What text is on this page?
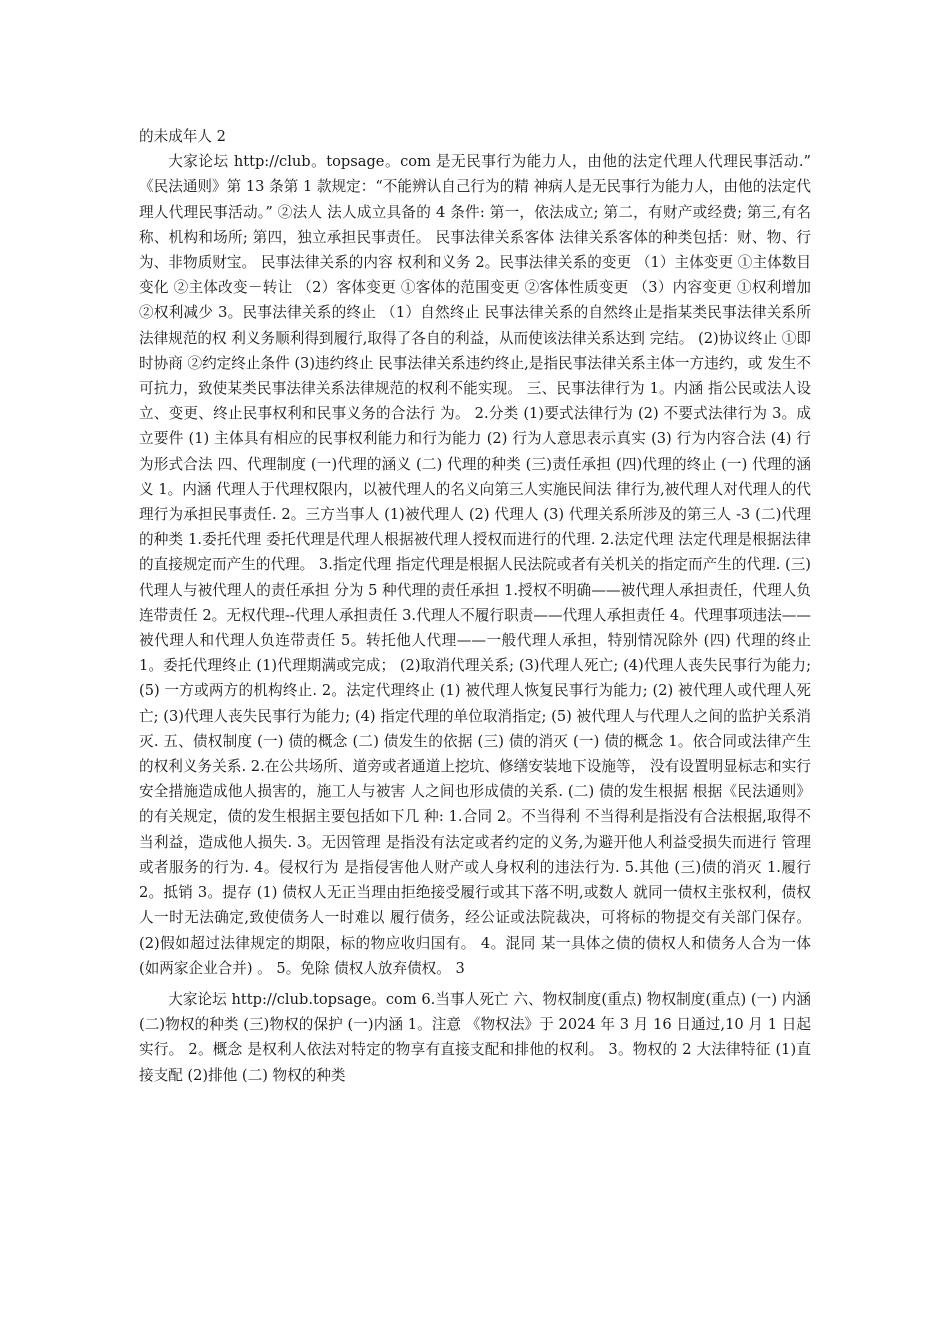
的未成年人 2

大家论坛 http://club。topsage。com 是无民事行为能力人，由他的法定代理人代理民事活动.” 《民法通则》第 13 条第 1 款规定：“不能辨认自己行为的精 神病人是无民事行为能力人，由他的法定代理人代理民事活动。” ②法人 法人成立具备的 4 条件: 第一，依法成立; 第二，有财产或经费; 第三,有名称、机构和场所; 第四，独立承担民事责任。 民事法律关系客体 法律关系客体的种类包括：财、物、行为、非物质财宝。 民事法律关系的内容 权利和义务 2。民事法律关系的变更 （1）主体变更 ①主体数目变化 ②主体改变－转让 （2）客体变更 ①客体的范围变更 ②客体性质变更 （3）内容变更 ①权利增加 ②权利减少 3。民事法律关系的终止 （1）自然终止 民事法律关系的自然终止是指某类民事法律关系所法律规范的权 利义务顺利得到履行,取得了各自的利益，从而使该法律关系达到 完结。 (2)协议终止 ①即时协商 ②约定终止条件 (3)违约终止 民事法律关系违约终止,是指民事法律关系主体一方违约，或 发生不可抗力，致使某类民事法律关系法律规范的权利不能实现。 三、民事法律行为 1。内涵 指公民或法人设立、变更、终止民事权利和民事义务的合法行 为。 2.分类 (1)要式法律行为 (2) 不要式法律行为 3。成立要件 (1) 主体具有相应的民事权利能力和行为能力 (2) 行为人意思表示真实 (3) 行为内容合法 (4) 行为形式合法 四、代理制度 (一)代理的涵义 (二) 代理的种类 (三)责任承担 (四)代理的终止 (一) 代理的涵义 1。内涵 代理人于代理权限内，以被代理人的名义向第三人实施民间法 律行为,被代理人对代理人的代理行为承担民事责任. 2。三方当事人 (1)被代理人 (2) 代理人 (3) 代理关系所涉及的第三人 -3 (二)代理的种类 1.委托代理 委托代理是代理人根据被代理人授权而进行的代理. 2.法定代理 法定代理是根据法律的直接规定而产生的代理。 3.指定代理 指定代理是根据人民法院或者有关机关的指定而产生的代理. (三) 代理人与被代理人的责任承担 分为 5 种代理的责任承担 1.授权不明确——被代理人承担责任，代理人负连带责任 2。无权代理--代理人承担责任 3.代理人不履行职责——代理人承担责任 4。代理事项违法——被代理人和代理人负连带责任 5。转托他人代理——一般代理人承担，特别情况除外 (四) 代理的终止 1。委托代理终止 (1)代理期满或完成； (2)取消代理关系; (3)代理人死亡; (4)代理人丧失民事行为能力; (5) 一方或两方的机构终止. 2。法定代理终止 (1) 被代理人恢复民事行为能力; (2) 被代理人或代理人死亡; (3)代理人丧失民事行为能力; (4) 指定代理的单位取消指定; (5) 被代理人与代理人之间的监护关系消灭. 五、债权制度 (一) 债的概念 (二) 债发生的依据 (三) 债的消灭 (一) 债的概念 1。依合同或法律产生的权利义务关系. 2.在公共场所、道旁或者通道上挖坑、修缮安装地下设施等， 没有设置明显标志和实行安全措施造成他人损害的，施工人与被害 人之间也形成债的关系. (二) 债的发生根据 根据《民法通则》的有关规定，债的发生根据主要包括如下几 种: 1.合同 2。不当得利 不当得利是指没有合法根据,取得不当利益，造成他人损失. 3。无因管理 是指没有法定或者约定的义务,为避开他人利益受损失而进行 管理或者服务的行为. 4。侵权行为 是指侵害他人财产或人身权利的违法行为. 5.其他 (三)债的消灭 1.履行 2。抵销 3。提存 (1) 债权人无正当理由拒绝接受履行或其下落不明,或数人 就同一债权主张权利，债权人一时无法确定,致使债务人一时难以 履行债务，经公证或法院裁决，可将标的物提交有关部门保存。 (2)假如超过法律规定的期限，标的物应收归国有。 4。混同 某一具体之债的债权人和债务人合为一体 (如两家企业合并) 。 5。免除 债权人放弃债权。 3

大家论坛 http://club.topsage。com 6.当事人死亡 六、物权制度(重点) 物权制度(重点) (一) 内涵 (二)物权的种类 (三)物权的保护 (一)内涵 1。注意 《物权法》于 2024 年 3 月 16 日通过,10 月 1 日起实行。 2。概念 是权利人依法对特定的物享有直接支配和排他的权利。 3。物权的 2 大法律特征 (1)直接支配 (2)排他 (二) 物权的种类
